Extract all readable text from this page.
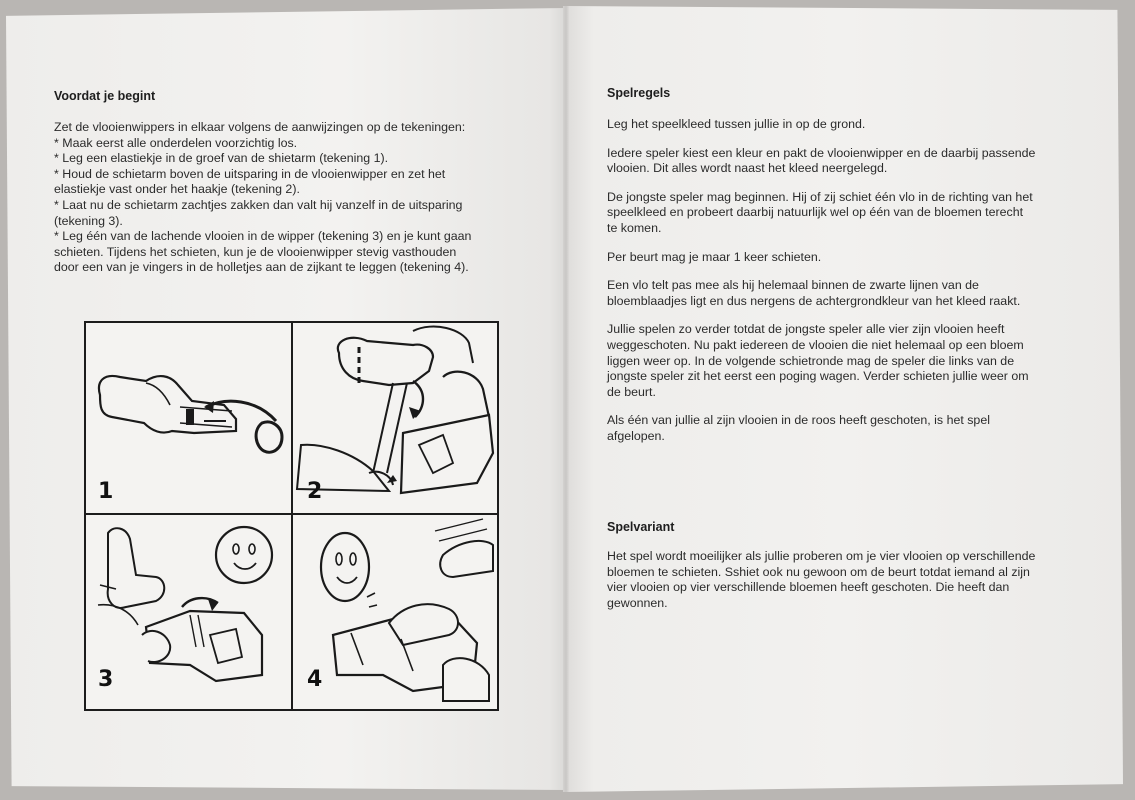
Voordat je begint
Zet de vlooienwippers in elkaar volgens de aanwijzingen op de tekeningen:
* Maak eerst alle onderdelen voorzichtig los.
* Leg een elastiekje in de groef van de shietarm (tekening 1).
* Houd de schietarm boven de uitsparing in de vlooienwipper en zet het
elastiekje vast onder het haakje (tekening 2).
* Laat nu de schietarm zachtjes zakken dan valt hij vanzelf in de uitsparing
(tekening 3).
* Leg één van de lachende vlooien in de wipper (tekening 3) en je kunt gaan
schieten. Tijdens het schieten, kun je de vlooienwipper stevig vasthouden
door een van je vingers in de holletjes aan de zijkant te leggen (tekening 4).
1	2
3	4
Spelregels

Leg het speelkleed tussen jullie in op de grond.

Iedere speler kiest een kleur en pakt de vlooienwipper en de daarbij passende
vlooien. Dit alles wordt naast het kleed neergelegd.

De jongste speler mag beginnen. Hij of zij schiet één vlo in de richting van het
speelkleed en probeert daarbij natuurlijk wel op één van de bloemen terecht
te komen.

Per beurt mag je maar 1 keer schieten.

Een vlo telt pas mee als hij helemaal binnen de zwarte lijnen van de
bloemblaadjes ligt en dus nergens de achtergrondkleur van het kleed raakt.

Jullie spelen zo verder totdat de jongste speler alle vier zijn vlooien heeft
weggeschoten. Nu pakt iedereen de vlooien die niet helemaal op een bloem
liggen weer op. In de volgende schietronde mag de speler die links van de
jongste speler zit het eerst een poging wagen. Verder schieten jullie weer om
de beurt.

Als één van jullie al zijn vlooien in de roos heeft geschoten, is het spel
afgelopen.

Spelvariant
Het spel wordt moeilijker als jullie proberen om je vier vlooien op verschillende
bloemen te schieten. Sshiet ook nu gewoon om de beurt totdat iemand al zijn
vier vlooien op vier verschillende bloemen heeft geschoten. Die heeft dan
gewonnen.
